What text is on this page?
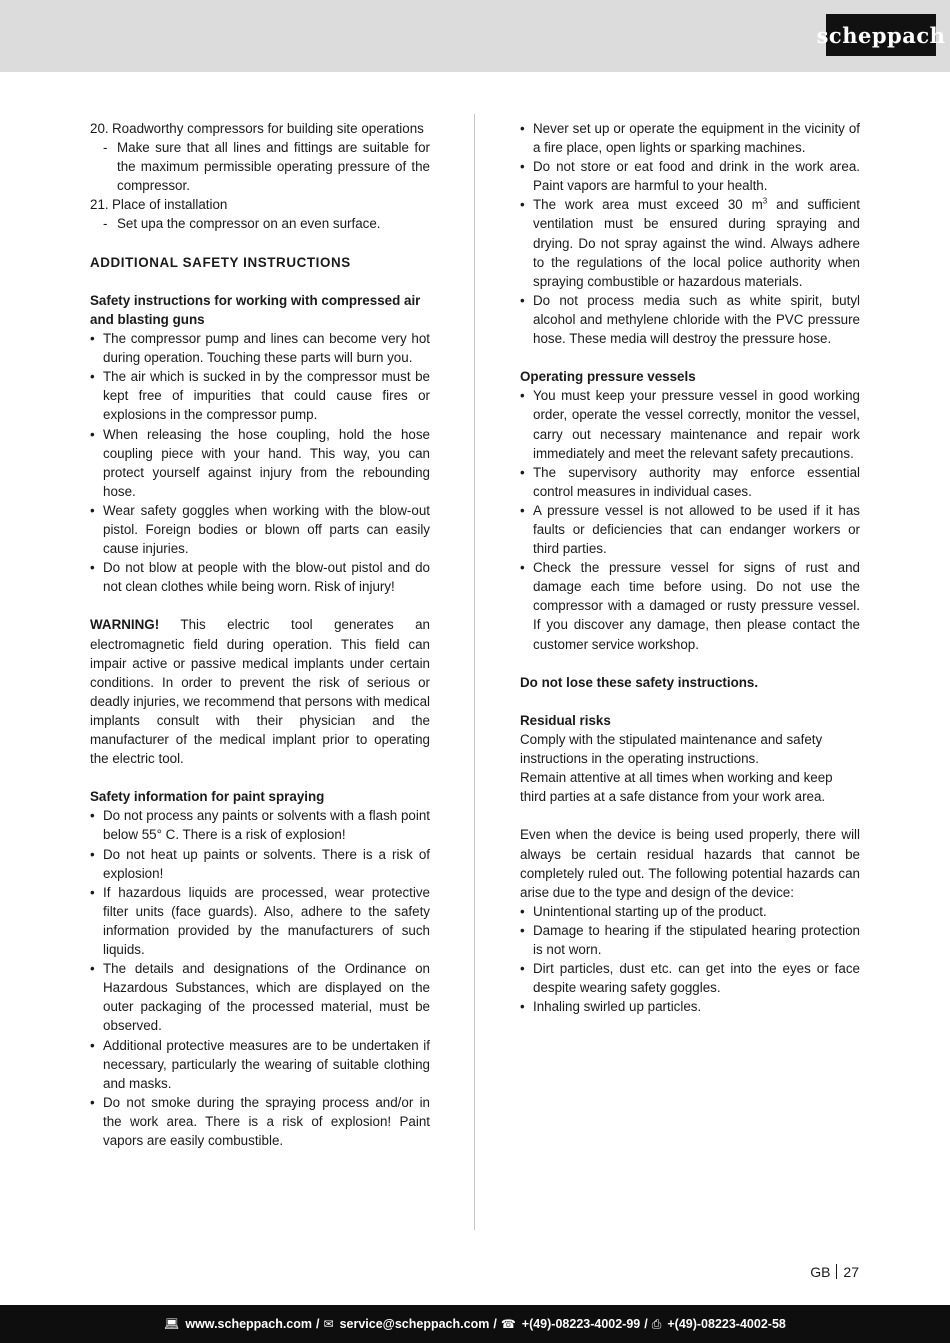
scheppach
20. Roadworthy compressors for building site operations
- Make sure that all lines and fittings are suitable for the maximum permissible operating pressure of the compressor.
21. Place of installation
- Set upa the compressor on an even surface.

ADDITIONAL SAFETY INSTRUCTIONS

Safety instructions for working with compressed air and blasting guns

• The compressor pump and lines can become very hot during operation. Touching these parts will burn you.
• The air which is sucked in by the compressor must be kept free of impurities that could cause fires or explosions in the compressor pump.
• When releasing the hose coupling, hold the hose coupling piece with your hand. This way, you can protect yourself against injury from the rebounding hose.
• Wear safety goggles when working with the blow-out pistol. Foreign bodies or blown off parts can easily cause injuries.
• Do not blow at people with the blow-out pistol and do not clean clothes while being worn. Risk of injury!

WARNING! This electric tool generates an electromagnetic field during operation. This field can impair active or passive medical implants under certain conditions. In order to prevent the risk of serious or deadly injuries, we recommend that persons with medical implants consult with their physician and the manufacturer of the medical implant prior to operating the electric tool.

Safety information for paint spraying

• Do not process any paints or solvents with a flash point below 55° C. There is a risk of explosion!
• Do not heat up paints or solvents. There is a risk of explosion!
• If hazardous liquids are processed, wear protective filter units (face guards). Also, adhere to the safety information provided by the manufacturers of such liquids.
• The details and designations of the Ordinance on Hazardous Substances, which are displayed on the outer packaging of the processed material, must be observed.
• Additional protective measures are to be undertaken if necessary, particularly the wearing of suitable clothing and masks.
• Do not smoke during the spraying process and/or in the work area. There is a risk of explosion! Paint vapors are easily combustible.
• Never set up or operate the equipment in the vicinity of a fire place, open lights or sparking machines.
• Do not store or eat food and drink in the work area. Paint vapors are harmful to your health.
• The work area must exceed 30 $m^3$ and sufficient ventilation must be ensured during spraying and drying. Do not spray against the wind. Always adhere to the regulations of the local police authority when spraying combustible or hazardous materials.
• Do not process media such as white spirit, butyl alcohol and methylene chloride with the PVC pressure hose. These media will destroy the pressure hose.

Operating pressure vessels

• You must keep your pressure vessel in good working order, operate the vessel correctly, monitor the vessel, carry out necessary maintenance and repair work immediately and meet the relevant safety precautions.
• The supervisory authority may enforce essential control measures in individual cases.
• A pressure vessel is not allowed to be used if it has faults or deficiencies that can endanger workers or third parties.
• Check the pressure vessel for signs of rust and damage each time before using. Do not use the compressor with a damaged or rusty pressure vessel. If you discover any damage, then please contact the customer service workshop.

Do not lose these safety instructions.

Residual risks

Comply with the stipulated maintenance and safety instructions in the operating instructions.

Remain attentive at all times when working and keep third parties at a safe distance from your work area.

Even when the device is being used properly, there will always be certain residual hazards that cannot be completely ruled out. The following potential hazards can arise due to the type and design of the device:

• Unintentional starting up of the product.
• Damage to hearing if the stipulated hearing protection is not worn.
• Dirt particles, dust etc. can get into the eyes or face despite wearing safety goggles.
• Inhaling swirled up particles.
GB 27
💻︎ www.scheppach.com / ✉︎ service@scheppach.com / ☎ +(49)-08223-4002-99 / ⎙ +(49)-08223-4002-58
